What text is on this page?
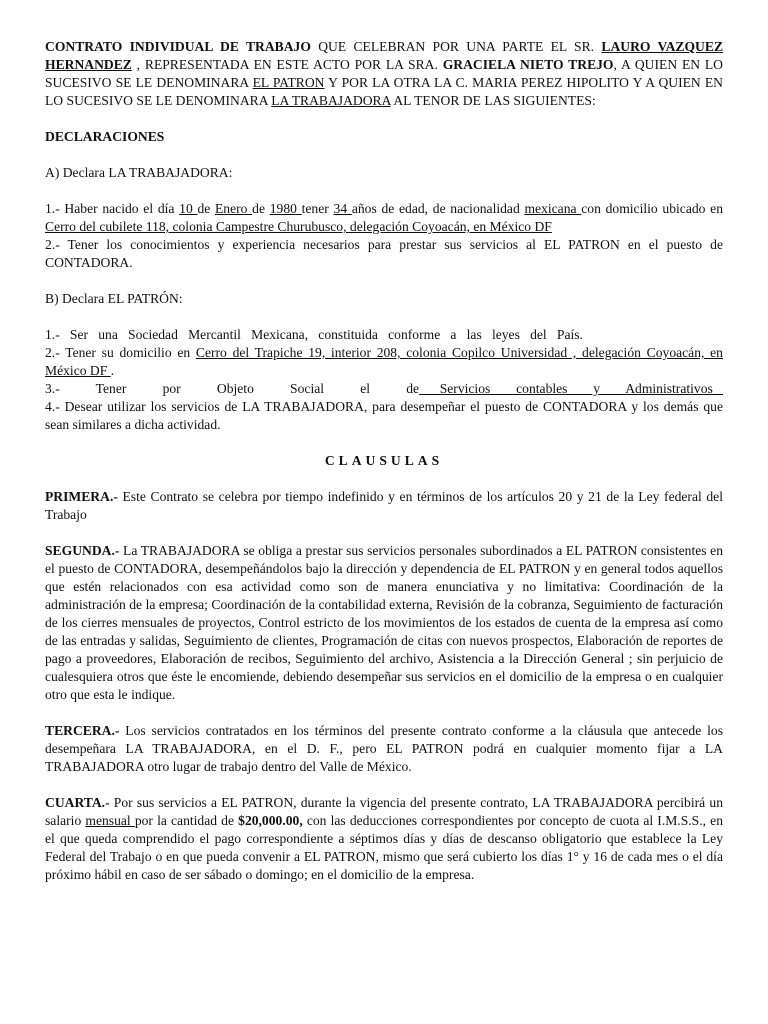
CONTRATO INDIVIDUAL DE TRABAJO QUE CELEBRAN POR UNA PARTE EL SR. LAURO VAZQUEZ HERNANDEZ , REPRESENTADA EN ESTE ACTO POR LA SRA. GRACIELA NIETO TREJO, A QUIEN EN LO SUCESIVO SE LE DENOMINARA EL PATRON Y POR LA OTRA LA C. MARIA PEREZ HIPOLITO Y A QUIEN EN LO SUCESIVO SE LE DENOMINARA LA TRABAJADORA AL TENOR DE LAS SIGUIENTES:

DECLARACIONES

A) Declara LA TRABAJADORA:

1.- Haber nacido el día 10 de Enero de 1980 tener 34 años de edad, de nacionalidad mexicana con domicilio ubicado en Cerro del cubilete 118, colonia Campestre Churubusco, delegación Coyoacán, en México DF

2.- Tener los conocimientos y experiencia necesarios para prestar sus servicios al EL PATRON en el puesto de CONTADORA.

B) Declara EL PATRÓN:

1.-   Ser   una   Sociedad   Mercantil   Mexicana,   constituida   conforme   a   las   leyes   del   País.

2.- Tener su domicilio en Cerro del Trapiche 19, interior 208, colonia Copilco Universidad , delegación Coyoacán, en México DF .

3.-       Tener       por       Objeto       Social       el       de    Servicios     contables     y     Administrativos

4.- Desear utilizar los servicios de LA TRABAJADORA, para desempeñar el puesto de CONTADORA y los demás que sean similares a dicha actividad.

CLAUSULAS

PRIMERA.- Este Contrato se celebra por tiempo indefinido y en términos de los artículos 20 y 21 de la Ley federal del Trabajo

SEGUNDA.- La TRABAJADORA se obliga a prestar sus servicios personales subordinados a EL PATRON consistentes en el puesto de CONTADORA, desempeñándolos bajo la dirección y dependencia de EL PATRON y en general todos aquellos que estén relacionados con esa actividad como son de manera enunciativa y no limitativa: Coordinación de la administración de la empresa; Coordinación de la contabilidad externa, Revisión de la cobranza, Seguimiento de facturación de los cierres mensuales de proyectos, Control estricto de los movimientos de los estados de cuenta de la empresa así como de las entradas y salidas, Seguimiento de clientes, Programación de citas con nuevos prospectos, Elaboración de reportes de pago a proveedores, Elaboración de recibos, Seguimiento del archivo, Asistencia a la Dirección General ; sin perjuicio de cualesquiera otros que éste le encomiende, debiendo desempeñar sus servicios en el domicilio de la empresa o en cualquier otro que esta le indique.

TERCERA.- Los servicios contratados en los términos del presente contrato conforme a la cláusula que antecede los desempeñara LA TRABAJADORA, en el D. F., pero EL PATRON podrá en cualquier momento fijar a LA TRABAJADORA otro lugar de trabajo dentro del Valle de México.

CUARTA.- Por sus servicios a EL PATRON, durante la vigencia del presente contrato, LA TRABAJADORA percibirá un salario mensual por la cantidad de $20,000.00, con las deducciones correspondientes por concepto de cuota al I.M.S.S., en el que queda comprendido el pago correspondiente a séptimos días y días de descanso obligatorio que establece la Ley Federal del Trabajo o en que pueda convenir a EL PATRON, mismo que será cubierto los días 1° y 16 de cada mes o el día próximo hábil en caso de ser sábado o domingo; en el domicilio de la empresa.
